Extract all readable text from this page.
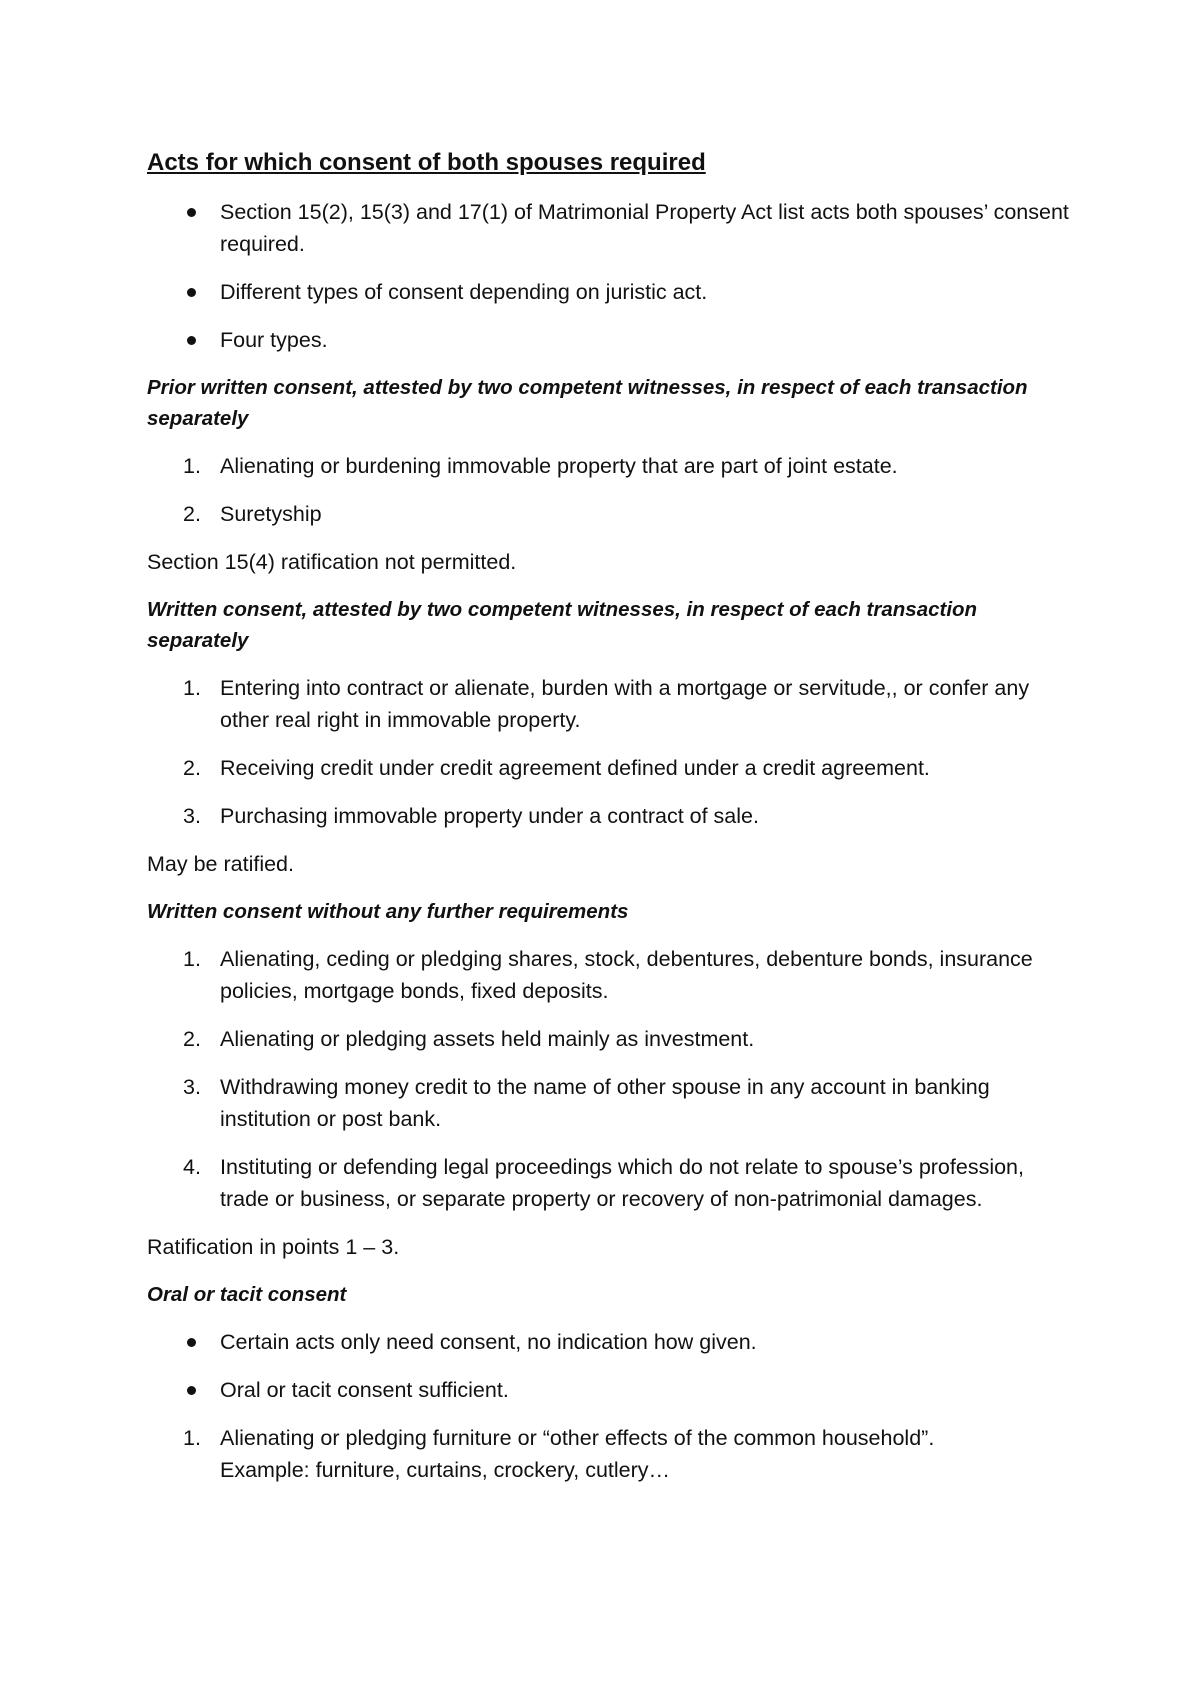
Acts for which consent of both spouses required
Section 15(2), 15(3) and 17(1) of Matrimonial Property Act list acts both spouses’ consent required.
Different types of consent depending on juristic act.
Four types.
Prior written consent, attested by two competent witnesses, in respect of each transaction separately
1. Alienating or burdening immovable property that are part of joint estate.
2. Suretyship
Section 15(4) ratification not permitted.
Written consent, attested by two competent witnesses, in respect of each transaction separately
1. Entering into contract or alienate, burden with a mortgage or servitude,, or confer any other real right in immovable property.
2. Receiving credit under credit agreement defined under a credit agreement.
3. Purchasing immovable property under a contract of sale.
May be ratified.
Written consent without any further requirements
1. Alienating, ceding or pledging shares, stock, debentures, debenture bonds, insurance policies, mortgage bonds, fixed deposits.
2. Alienating or pledging assets held mainly as investment.
3. Withdrawing money credit to the name of other spouse in any account in banking institution or post bank.
4. Instituting or defending legal proceedings which do not relate to spouse’s profession, trade or business, or separate property or recovery of non-patrimonial damages.
Ratification in points 1 – 3.
Oral or tacit consent
Certain acts only need consent, no indication how given.
Oral or tacit consent sufficient.
1. Alienating or pledging furniture or “other effects of the common household”.
Example: furniture, curtains, crockery, cutlery…
